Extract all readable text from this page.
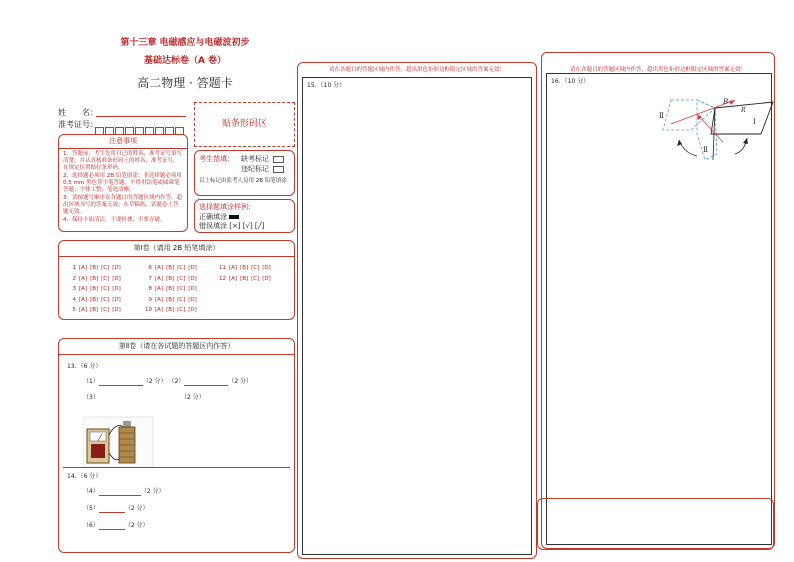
第十三章 电磁感应与电磁波初步
基础达标卷（A 卷）
高二物理 · 答题卡
姓　　名：
准考证号：
注意事项
1．答题前，考生先将自己的姓名、准考证号填写清楚，并认真核准条形码上的姓名、准考证号，在规定位置贴好条形码。
2．选择题必须用 2B 铅笔填涂；非选择题必须用 0.5 mm 黑色签字笔答题，不得用铅笔或圆珠笔答题；字体工整、笔迹清晰。
3．请按题号顺序在各题目的答题区域内作答，超出区域书写的答案无效；在草稿纸、试题卷上答题无效。
4．保持卡面清洁，不要折叠、不要弄破。
贴条形码区
考生禁填： 缺考标记
违纪标记
以上标记由监考人员用 2B 铅笔填涂
选择题填涂样例：
正确填涂
错误填涂 [×] [√] [╱]
第Ⅰ卷（请用 2B 铅笔填涂）
1 [A] [B] [C] [D]
2 [A] [B] [C] [D]
3 [A] [B] [C] [D]
4 [A] [B] [C] [D]
5 [A] [B] [C] [D]
6 [A] [B] [C] [D]
7 [A] [B] [C] [D]
8 [A] [B] [C] [D]
9 [A] [B] [C] [D]
10 [A] [B] [C] [D]
11 [A] [B] [C] [D]
12 [A] [B] [C] [D]
第Ⅱ卷（请在各试题的答题区内作答）
13．（6 分）
（1）	（2 分） （2）	（2 分）
（3）	（2 分）
14．（6 分）
（4）	（2 分）
（5）	（2 分）
（6）	（2 分）
请在各题目的答题区域内作答，超出黑色矩形边框限定区域的答案无效！
15．（10 分）
请在各题目的答题区域内作答，超出黑色矩形边框限定区域的答案无效！
16．（10 分）
B
Ⅰ
Ⅱ
Ⅱ
R
